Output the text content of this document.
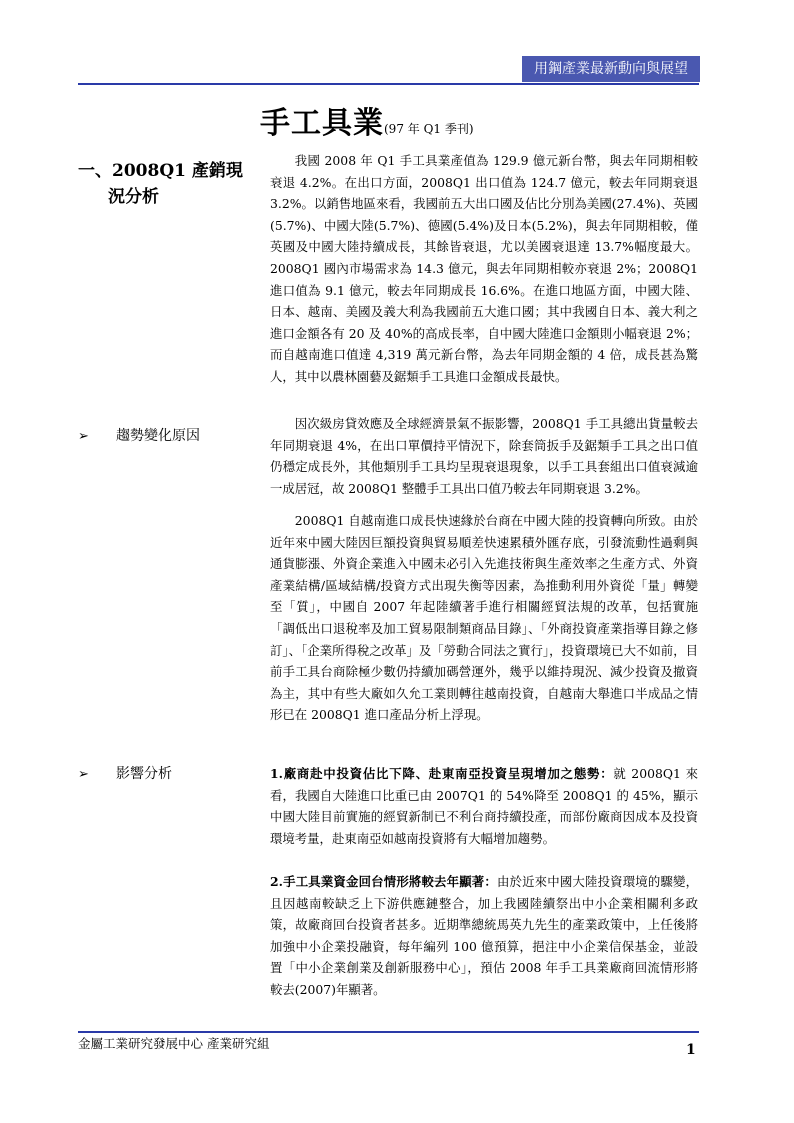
用鋼產業最新動向與展望
手工具業(97 年 Q1 季刊)
一、2008Q1 產銷現
況分析
我國 2008 年 Q1 手工具業產值為 129.9 億元新台幣，與去年同期相較衰退 4.2%。在出口方面，2008Q1 出口值為 124.7 億元，較去年同期衰退 3.2%。以銷售地區來看，我國前五大出口國及佔比分別為美國(27.4%)、英國(5.7%)、中國大陸(5.7%)、德國(5.4%)及日本(5.2%)，與去年同期相較，僅英國及中國大陸持續成長，其餘皆衰退，尤以美國衰退達 13.7%幅度最大。2008Q1 國內市場需求為 14.3 億元，與去年同期相較亦衰退 2%；2008Q1 進口值為 9.1 億元，較去年同期成長 16.6%。在進口地區方面，中國大陸、日本、越南、美國及義大利為我國前五大進口國；其中我國自日本、義大利之進口金額各有 20 及 40%的高成長率，自中國大陸進口金額則小幅衰退 2%；而自越南進口值達 4,319 萬元新台幣，為去年同期金額的 4 倍，成長甚為驚人，其中以農林園藝及鋸類手工具進口金額成長最快。
➢ 趨勢變化原因
因次級房貸效應及全球經濟景氣不振影響，2008Q1 手工具總出貨量較去年同期衰退 4%，在出口單價持平情況下，除套筒扳手及鋸類手工具之出口值仍穩定成長外，其他類別手工具均呈現衰退現象，以手工具套組出口值衰減逾一成居冠，故 2008Q1 整體手工具出口值乃較去年同期衰退 3.2%。
2008Q1 自越南進口成長快速緣於台商在中國大陸的投資轉向所致。由於近年來中國大陸因巨額投資與貿易順差快速累積外匯存底，引發流動性過剩與通貨膨漲、外資企業進入中國未必引入先進技術與生產效率之生產方式、外資產業結構/區域結構/投資方式出現失衡等因素，為推動利用外資從「量」轉變至「質」，中國自 2007 年起陸續著手進行相關經貿法規的改革，包括實施「調低出口退稅率及加工貿易限制類商品目錄」、「外商投資產業指導目錄之修訂」、「企業所得稅之改革」及「勞動合同法之實行」，投資環境已大不如前，目前手工具台商除極少數仍持續加碼營運外，幾乎以維持現況、減少投資及撤資為主，其中有些大廠如久允工業則轉往越南投資，自越南大舉進口半成品之情形已在 2008Q1 進口產品分析上浮現。
➢ 影響分析	1.廠商赴中投資佔比下降、赴東南亞投資呈現增加之態勢：就 2008Q1 來看，我國自大陸進口比重已由 2007Q1 的 54%降至 2008Q1 的 45%，顯示中國大陸目前實施的經貿新制已不利台商持續投產，而部份廠商因成本及投資環境考量，赴東南亞如越南投資將有大幅增加趨勢。
2.手工具業資金回台情形將較去年顯著：由於近來中國大陸投資環境的驟變，且因越南較缺乏上下游供應鏈整合，加上我國陸續祭出中小企業相關利多政策，故廠商回台投資者甚多。近期準總統馬英九先生的產業政策中，上任後將加強中小企業投融資，每年編列 100 億預算，挹注中小企業信保基金，並設置「中小企業創業及創新服務中心」，預估 2008 年手工具業廠商回流情形將較去(2007)年顯著。
金屬工業研究發展中心 產業研究組	1
